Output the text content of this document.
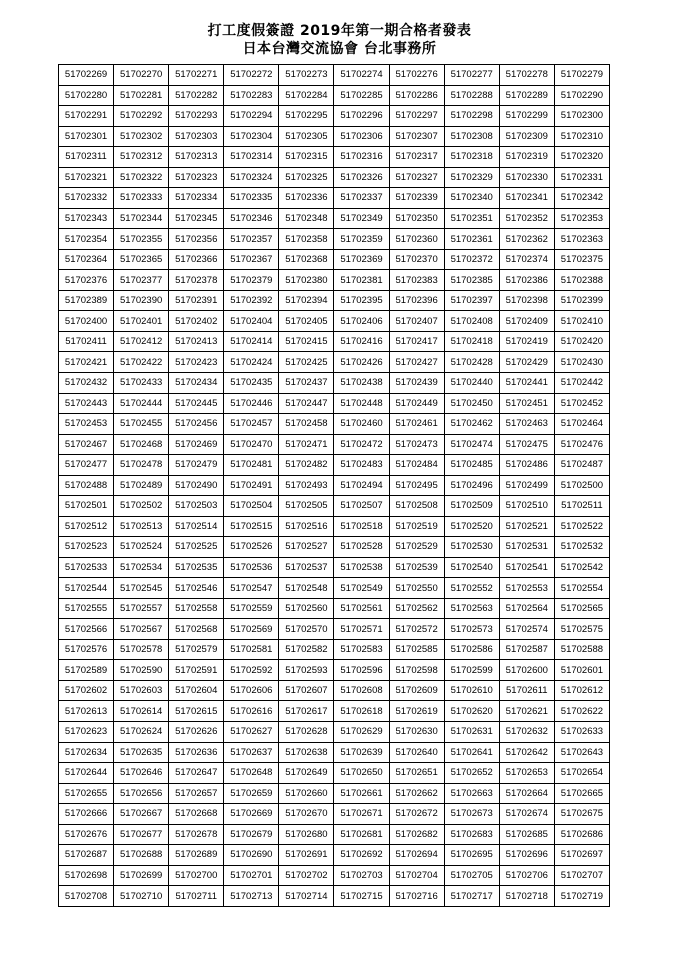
打工度假簽證 2019年第一期合格者發表
日本台灣交流協會 台北事務所
51702269	51702270	51702271	51702272	51702273	51702274	51702276	51702277	51702278	51702279
51702280	51702281	51702282	51702283	51702284	51702285	51702286	51702288	51702289	51702290
51702291	51702292	51702293	51702294	51702295	51702296	51702297	51702298	51702299	51702300
51702301	51702302	51702303	51702304	51702305	51702306	51702307	51702308	51702309	51702310
51702311	51702312	51702313	51702314	51702315	51702316	51702317	51702318	51702319	51702320
51702321	51702322	51702323	51702324	51702325	51702326	51702327	51702329	51702330	51702331
51702332	51702333	51702334	51702335	51702336	51702337	51702339	51702340	51702341	51702342
51702343	51702344	51702345	51702346	51702348	51702349	51702350	51702351	51702352	51702353
51702354	51702355	51702356	51702357	51702358	51702359	51702360	51702361	51702362	51702363
51702364	51702365	51702366	51702367	51702368	51702369	51702370	51702372	51702374	51702375
51702376	51702377	51702378	51702379	51702380	51702381	51702383	51702385	51702386	51702388
51702389	51702390	51702391	51702392	51702394	51702395	51702396	51702397	51702398	51702399
51702400	51702401	51702402	51702404	51702405	51702406	51702407	51702408	51702409	51702410
51702411	51702412	51702413	51702414	51702415	51702416	51702417	51702418	51702419	51702420
51702421	51702422	51702423	51702424	51702425	51702426	51702427	51702428	51702429	51702430
51702432	51702433	51702434	51702435	51702437	51702438	51702439	51702440	51702441	51702442
51702443	51702444	51702445	51702446	51702447	51702448	51702449	51702450	51702451	51702452
51702453	51702455	51702456	51702457	51702458	51702460	51702461	51702462	51702463	51702464
51702467	51702468	51702469	51702470	51702471	51702472	51702473	51702474	51702475	51702476
51702477	51702478	51702479	51702481	51702482	51702483	51702484	51702485	51702486	51702487
51702488	51702489	51702490	51702491	51702493	51702494	51702495	51702496	51702499	51702500
51702501	51702502	51702503	51702504	51702505	51702507	51702508	51702509	51702510	51702511
51702512	51702513	51702514	51702515	51702516	51702518	51702519	51702520	51702521	51702522
51702523	51702524	51702525	51702526	51702527	51702528	51702529	51702530	51702531	51702532
51702533	51702534	51702535	51702536	51702537	51702538	51702539	51702540	51702541	51702542
51702544	51702545	51702546	51702547	51702548	51702549	51702550	51702552	51702553	51702554
51702555	51702557	51702558	51702559	51702560	51702561	51702562	51702563	51702564	51702565
51702566	51702567	51702568	51702569	51702570	51702571	51702572	51702573	51702574	51702575
51702576	51702578	51702579	51702581	51702582	51702583	51702585	51702586	51702587	51702588
51702589	51702590	51702591	51702592	51702593	51702596	51702598	51702599	51702600	51702601
51702602	51702603	51702604	51702606	51702607	51702608	51702609	51702610	51702611	51702612
51702613	51702614	51702615	51702616	51702617	51702618	51702619	51702620	51702621	51702622
51702623	51702624	51702626	51702627	51702628	51702629	51702630	51702631	51702632	51702633
51702634	51702635	51702636	51702637	51702638	51702639	51702640	51702641	51702642	51702643
51702644	51702646	51702647	51702648	51702649	51702650	51702651	51702652	51702653	51702654
51702655	51702656	51702657	51702659	51702660	51702661	51702662	51702663	51702664	51702665
51702666	51702667	51702668	51702669	51702670	51702671	51702672	51702673	51702674	51702675
51702676	51702677	51702678	51702679	51702680	51702681	51702682	51702683	51702685	51702686
51702687	51702688	51702689	51702690	51702691	51702692	51702694	51702695	51702696	51702697
51702698	51702699	51702700	51702701	51702702	51702703	51702704	51702705	51702706	51702707
51702708	51702710	51702711	51702713	51702714	51702715	51702716	51702717	51702718	51702719
